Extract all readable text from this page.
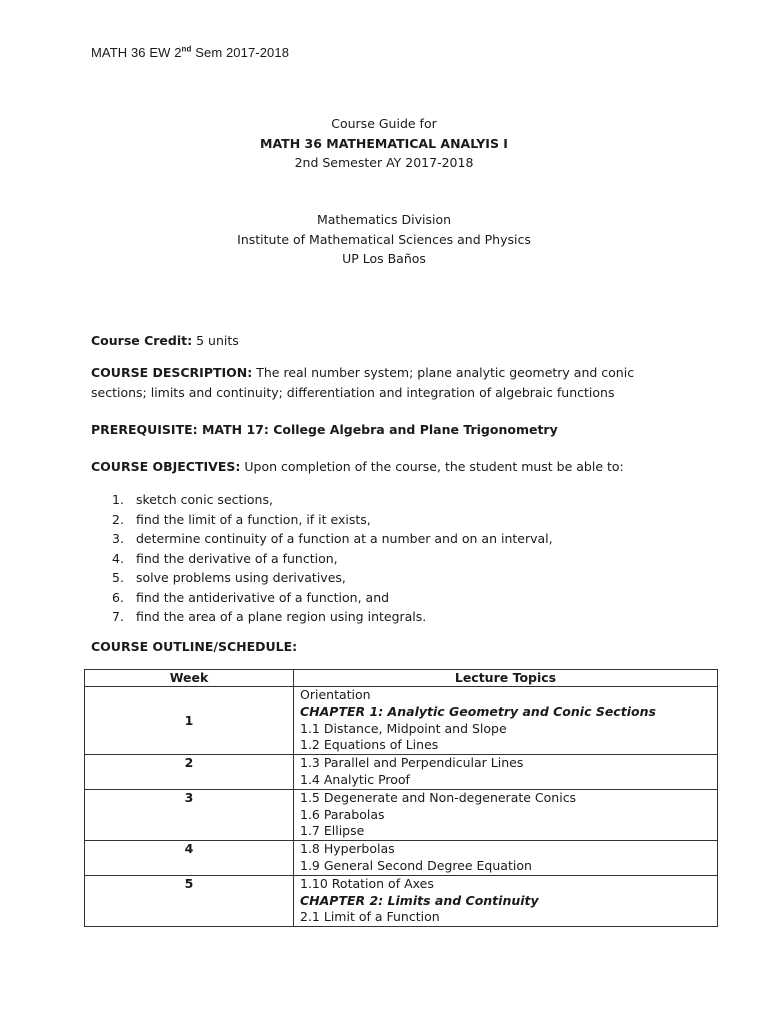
MATH 36 EW 2nd Sem 2017-2018
Course Guide for
MATH 36 MATHEMATICAL ANALYIS I
2nd Semester AY 2017-2018
Mathematics Division
Institute of Mathematical Sciences and Physics
UP Los Baños
Course Credit: 5 units
COURSE DESCRIPTION: The real number system; plane analytic geometry and conic sections; limits and continuity; differentiation and integration of algebraic functions
PREREQUISITE: MATH 17: College Algebra and Plane Trigonometry
COURSE OBJECTIVES: Upon completion of the course, the student must be able to:
1. sketch conic sections,
2. find the limit of a function, if it exists,
3. determine continuity of a function at a number and on an interval,
4. find the derivative of a function,
5. solve problems using derivatives,
6. find the antiderivative of a function, and
7. find the area of a plane region using integrals.
COURSE OUTLINE/SCHEDULE:
Week	Lecture Topics
1	Orientation
CHAPTER 1: Analytic Geometry and Conic Sections
1.1 Distance, Midpoint and Slope
1.2 Equations of Lines

2	1.3 Parallel and Perpendicular Lines
1.4 Analytic Proof

3	1.5 Degenerate and Non-degenerate Conics
1.6 Parabolas
1.7 Ellipse

4	1.8 Hyperbolas
1.9 General Second Degree Equation

5	1.10 Rotation of Axes
CHAPTER 2: Limits and Continuity
2.1 Limit of a Function
